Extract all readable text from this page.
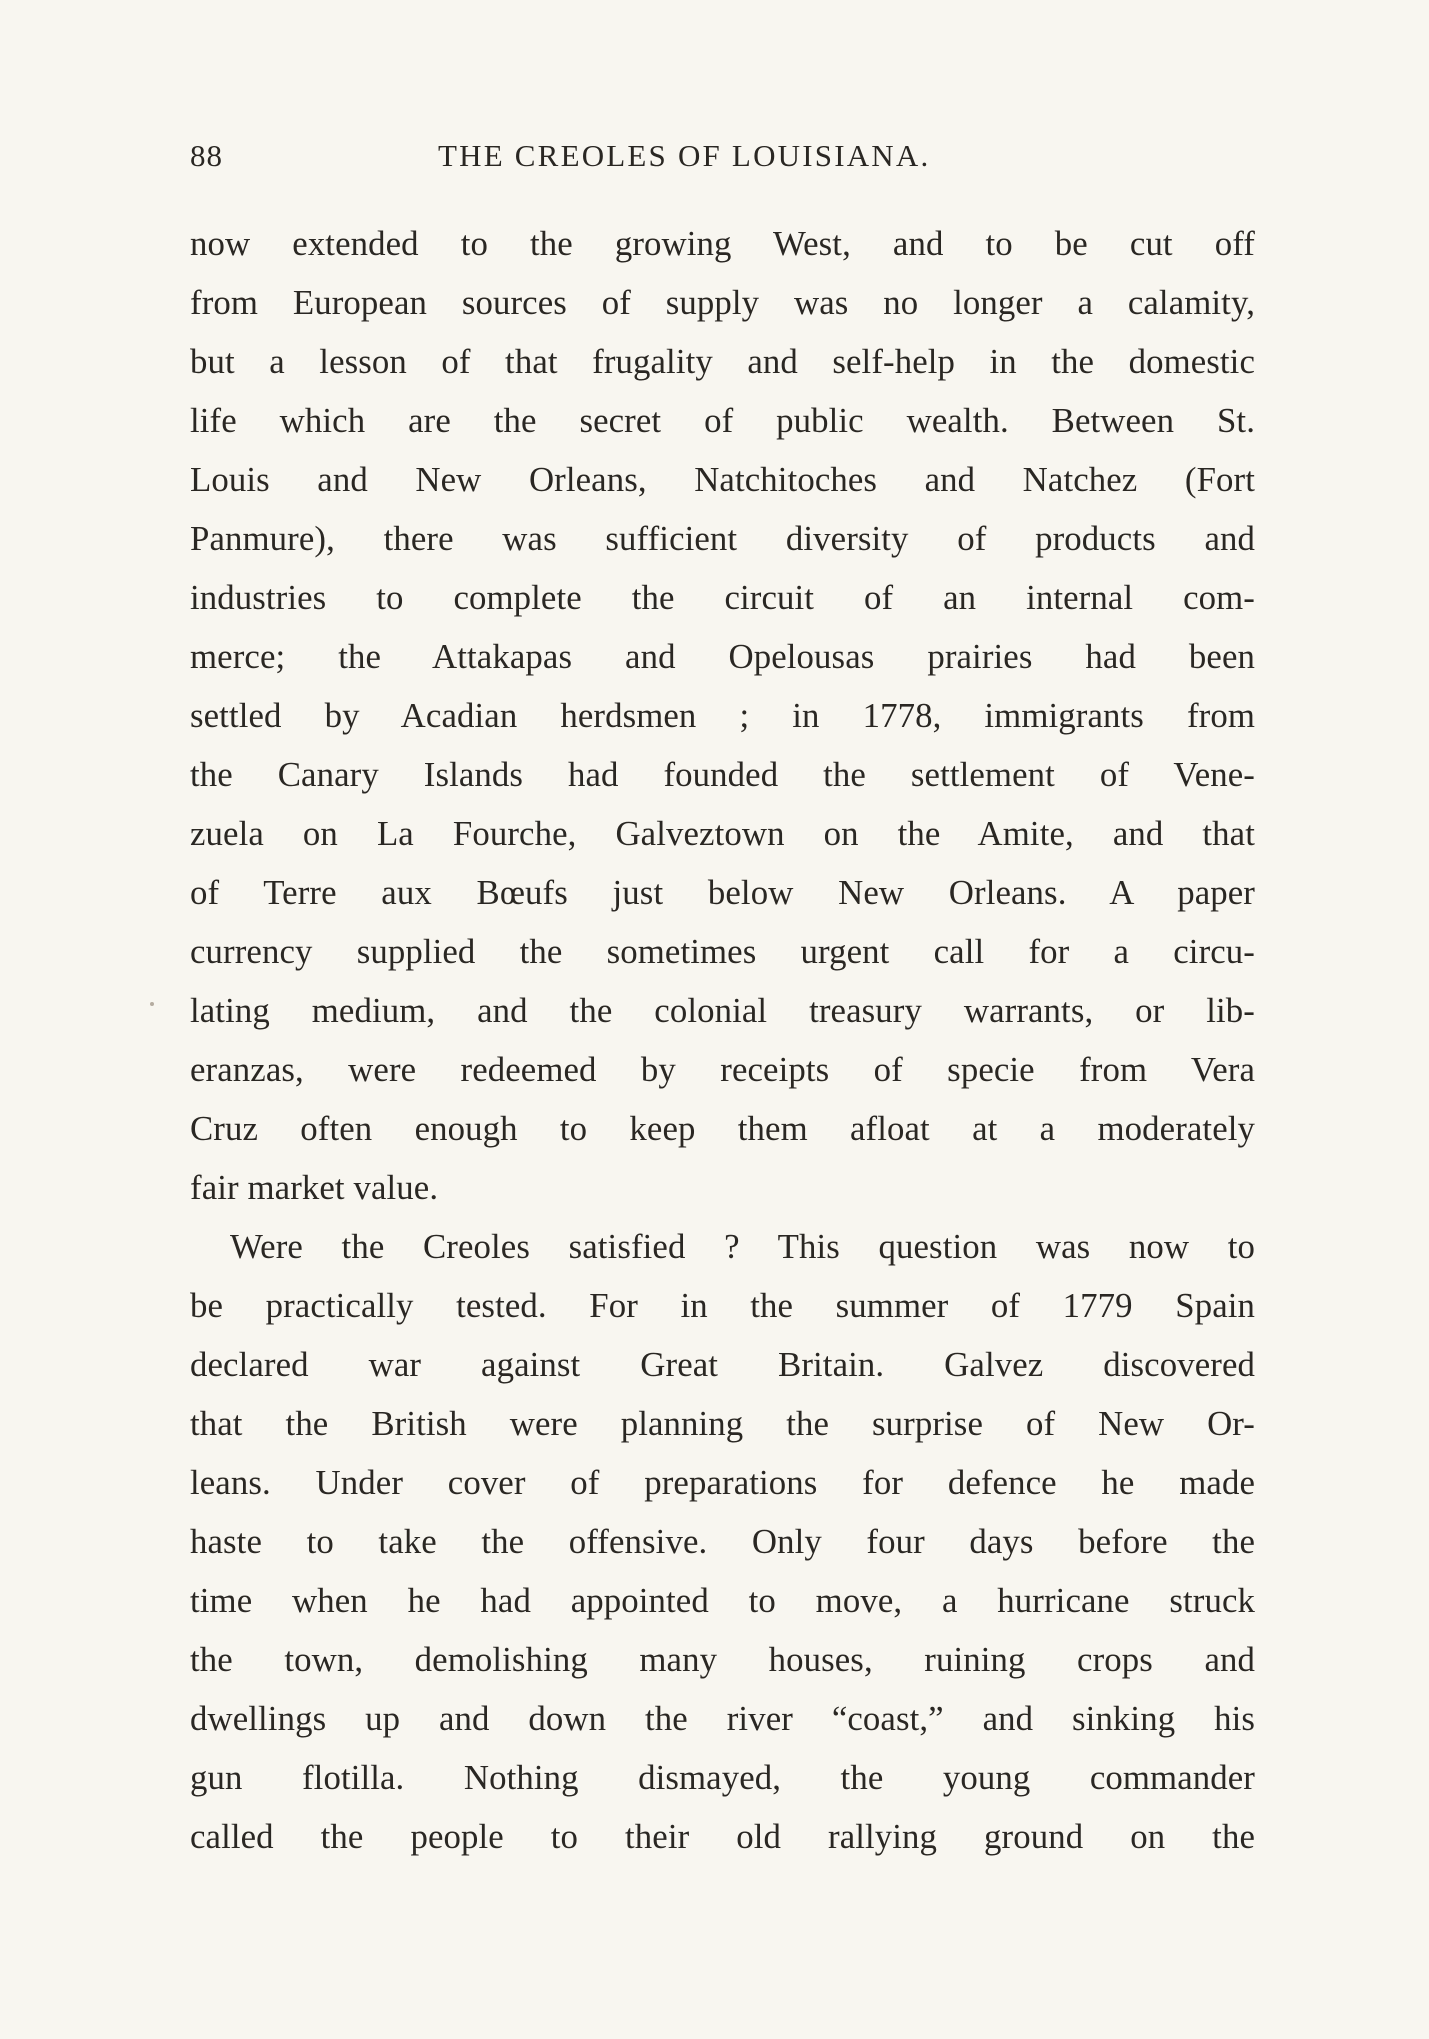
88	THE CREOLES OF LOUISIANA.
now extended to the growing West, and to be cut off
from European sources of supply was no longer a calamity,
but a lesson of that frugality and self-help in the domestic
life which are the secret of public wealth. Between St.
Louis and New Orleans, Natchitoches and Natchez (Fort
Panmure), there was sufficient diversity of products and
industries to complete the circuit of an internal com-
merce; the Attakapas and Opelousas prairies had been
settled by Acadian herdsmen ; in 1778, immigrants from
the Canary Islands had founded the settlement of Vene-
zuela on La Fourche, Galveztown on the Amite, and that
of Terre aux Bœufs just below New Orleans. A paper
currency supplied the sometimes urgent call for a circu-
lating medium, and the colonial treasury warrants, or lib-
eranzas, were redeemed by receipts of specie from Vera
Cruz often enough to keep them afloat at a moderately
fair market value.
Were the Creoles satisfied ? This question was now to
be practically tested. For in the summer of 1779 Spain
declared war against Great Britain. Galvez discovered
that the British were planning the surprise of New Or-
leans. Under cover of preparations for defence he made
haste to take the offensive. Only four days before the
time when he had appointed to move, a hurricane struck
the town, demolishing many houses, ruining crops and
dwellings up and down the river “coast,” and sinking his
gun flotilla. Nothing dismayed, the young commander
called the people to their old rallying ground on the
